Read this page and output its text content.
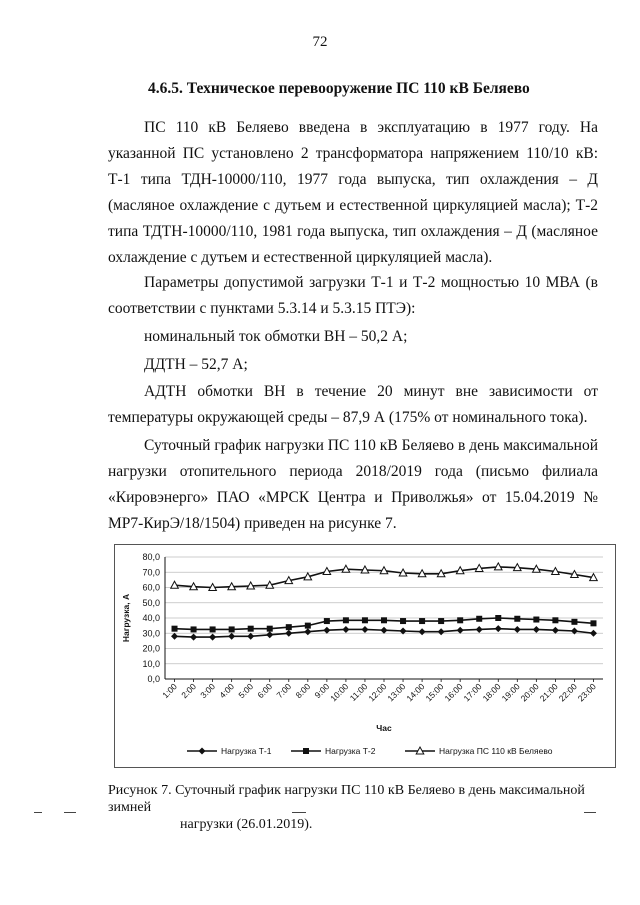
72
4.6.5. Техническое перевооружение ПС 110 кВ Беляево

ПС 110 кВ Беляево введена в эксплуатацию в 1977 году. На указанной ПС установлено 2 трансформатора напряжением 110/10 кВ: Т-1 типа ТДН-10000/110, 1977 года выпуска, тип охлаждения – Д (масляное охлаждение с дутьем и естественной циркуляцией масла); Т-2 типа ТДТН-10000/110, 1981 года выпуска, тип охлаждения – Д (масляное охлаждение с дутьем и естественной циркуляцией масла).

Параметры допустимой загрузки Т-1 и Т-2 мощностью 10 МВА (в соответствии с пунктами 5.3.14 и 5.3.15 ПТЭ):

номинальный ток обмотки ВН – 50,2 А;

ДДТН – 52,7 А;

АДТН обмотки ВН в течение 20 минут вне зависимости от температуры окружающей среды – 87,9 А (175% от номинального тока).

Суточный график нагрузки ПС 110 кВ Беляево в день максимальной нагрузки отопительного периода 2018/2019 года (письмо филиала «Кировэнерго» ПАО «МРСК Центра и Приволжья» от 15.04.2019 № МР7-КирЭ/18/1504) приведен на рисунке 7.

0,0
10,0
20,0
30,0
40,0
50,0
60,0
70,0
80,0
1:00 2:00 3:00 4:00 5:00 6:00 7:00 8:00 9:00
10:00
11:00
12:00
13:00
14:00
15:00
16:00
17:00
18:00
19:00
20:00
21:00
22:00
23:00
Час
Нагрузка, А
Нагрузка Т-1	Нагрузка Т-2	Нагрузка ПС 110 кВ Беляево
Рисунок 7. Суточный график нагрузки ПС 110 кВ Беляево в день максимальной зимней
нагрузки (26.01.2019).
